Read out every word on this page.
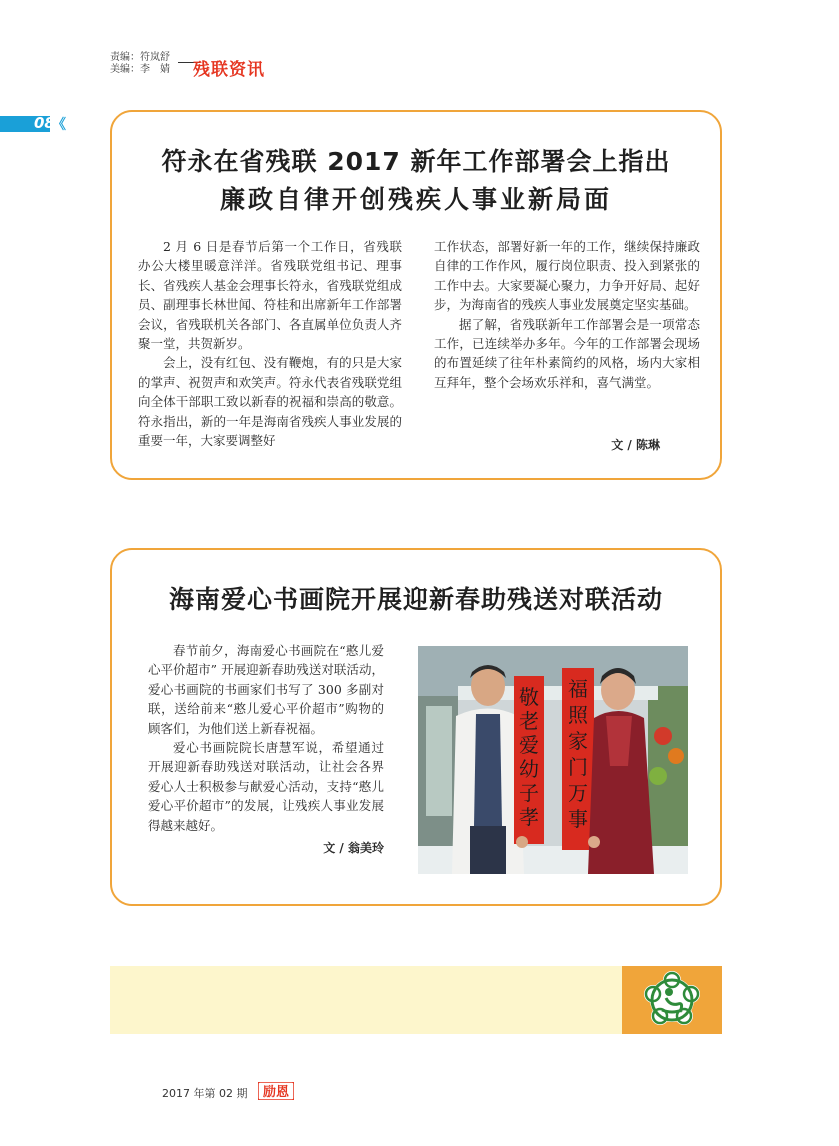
责编：符岚舒
美编：李　婧 残联资讯
08
《
符永在省残联 2017 新年工作部署会上指出
廉政自律开创残疾人事业新局面

2 月 6 日是春节后第一个工作日，省残联办公大楼里暖意洋洋。省残联党组书记、理事长、省残疾人基金会理事长符永，省残联党组成员、副理事长林世闻、符桂和出席新年工作部署会议，省残联机关各部门、各直属单位负责人齐聚一堂，共贺新岁。

会上，没有红包、没有鞭炮，有的只是大家的掌声、祝贺声和欢笑声。符永代表省残联党组向全体干部职工致以新春的祝福和崇高的敬意。符永指出，新的一年是海南省残疾人事业发展的重要一年，大家要调整好

工作状态，部署好新一年的工作，继续保持廉政自律的工作作风，履行岗位职责、投入到紧张的工作中去。大家要凝心聚力，力争开好局、起好步，为海南省的残疾人事业发展奠定坚实基础。

据了解，省残联新年工作部署会是一项常态工作，已连续举办多年。今年的工作部署会现场的布置延续了往年朴素简约的风格，场内大家相互拜年，整个会场欢乐祥和，喜气满堂。

文 / 陈琳
海南爱心书画院开展迎新春助残送对联活动

春节前夕，海南爱心书画院在“憨儿爱心平价超市” 开展迎新春助残送对联活动，爱心书画院的书画家们书写了 300 多副对联，送给前来“憨儿爱心平价超市”购物的顾客们，为他们送上新春祝福。

爱心书画院院长唐慧军说，希望通过开展迎新春助残送对联活动，让社会各界爱心人士积极参与献爱心活动，支持“憨儿爱心平价超市”的发展，让残疾人事业发展得越来越好。

文 / 翁美玲
敬
老
爱
幼
子
孝
福
照
家
门
万
事
2017 年第 02 期 励恩
